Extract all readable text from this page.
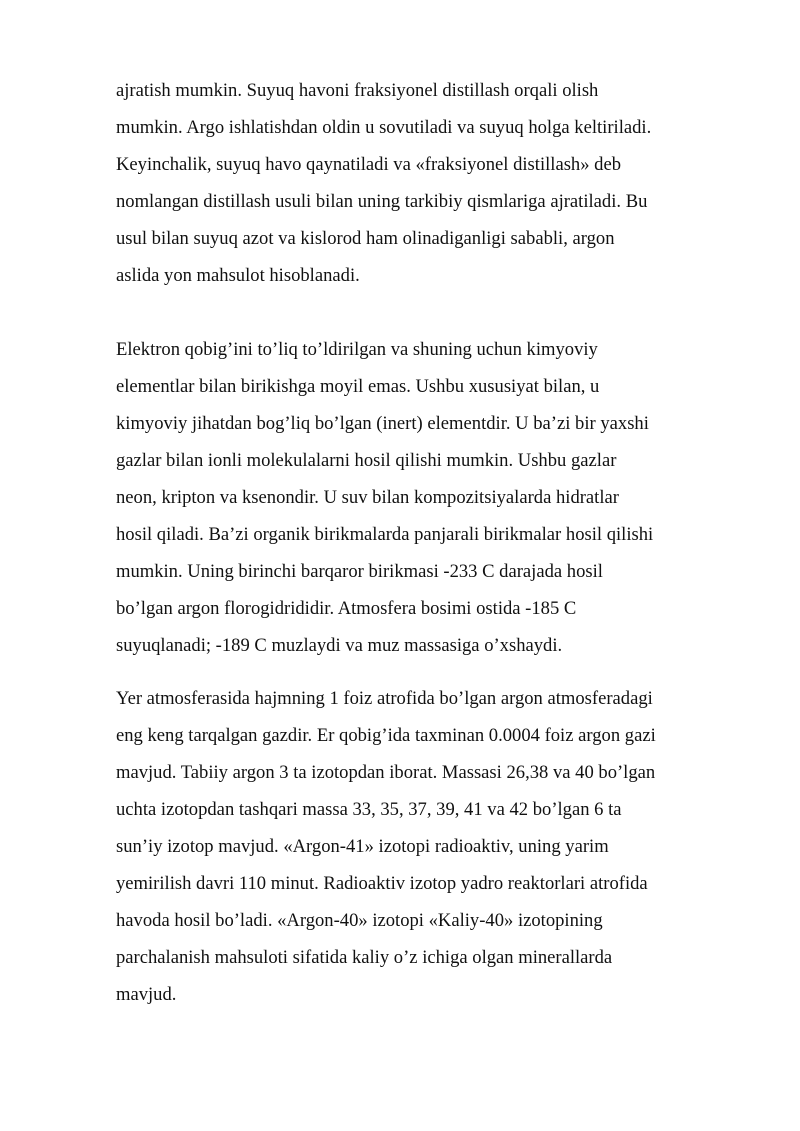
ajratish mumkin. Suyuq havoni fraksiyonel distillash orqali olish
mumkin. Argo ishlatishdan oldin u sovutiladi va suyuq holga keltiriladi.
Keyinchalik, suyuq havo qaynatiladi va «fraksiyonel distillash» deb
nomlangan distillash usuli bilan uning tarkibiy qismlariga ajratiladi. Bu
usul bilan suyuq azot va kislorod ham olinadiganligi sababli, argon
aslida yon mahsulot hisoblanadi.

Elektron qobig’ini to’liq to’ldirilgan va shuning uchun kimyoviy
elementlar bilan birikishga moyil emas. Ushbu xususiyat bilan, u
kimyoviy jihatdan bog’liq bo’lgan (inert) elementdir. U ba’zi bir yaxshi
gazlar bilan ionli molekulalarni hosil qilishi mumkin. Ushbu gazlar
neon, kripton va ksenondir. U suv bilan kompozitsiyalarda hidratlar
hosil qiladi. Ba’zi organik birikmalarda panjarali birikmalar hosil qilishi
mumkin. Uning birinchi barqaror birikmasi -233 C darajada hosil
bo’lgan argon florogidrididir. Atmosfera bosimi ostida -185 C
suyuqlanadi; -189 C muzlaydi va muz massasiga o’xshaydi.

Yer atmosferasida hajmning 1 foiz atrofida bo’lgan argon atmosferadagi
eng keng tarqalgan gazdir. Er qobig’ida taxminan 0.0004 foiz argon gazi
mavjud. Tabiiy argon 3 ta izotopdan iborat. Massasi 26,38 va 40 bo’lgan
uchta izotopdan tashqari massa 33, 35, 37, 39, 41 va 42 bo’lgan 6 ta
sun’iy izotop mavjud. «Argon-41» izotopi radioaktiv, uning yarim
yemirilish davri 110 minut. Radioaktiv izotop yadro reaktorlari atrofida
havoda hosil bo’ladi. «Argon-40» izotopi «Kaliy-40» izotopining
parchalanish mahsuloti sifatida kaliy o’z ichiga olgan minerallarda
mavjud.
